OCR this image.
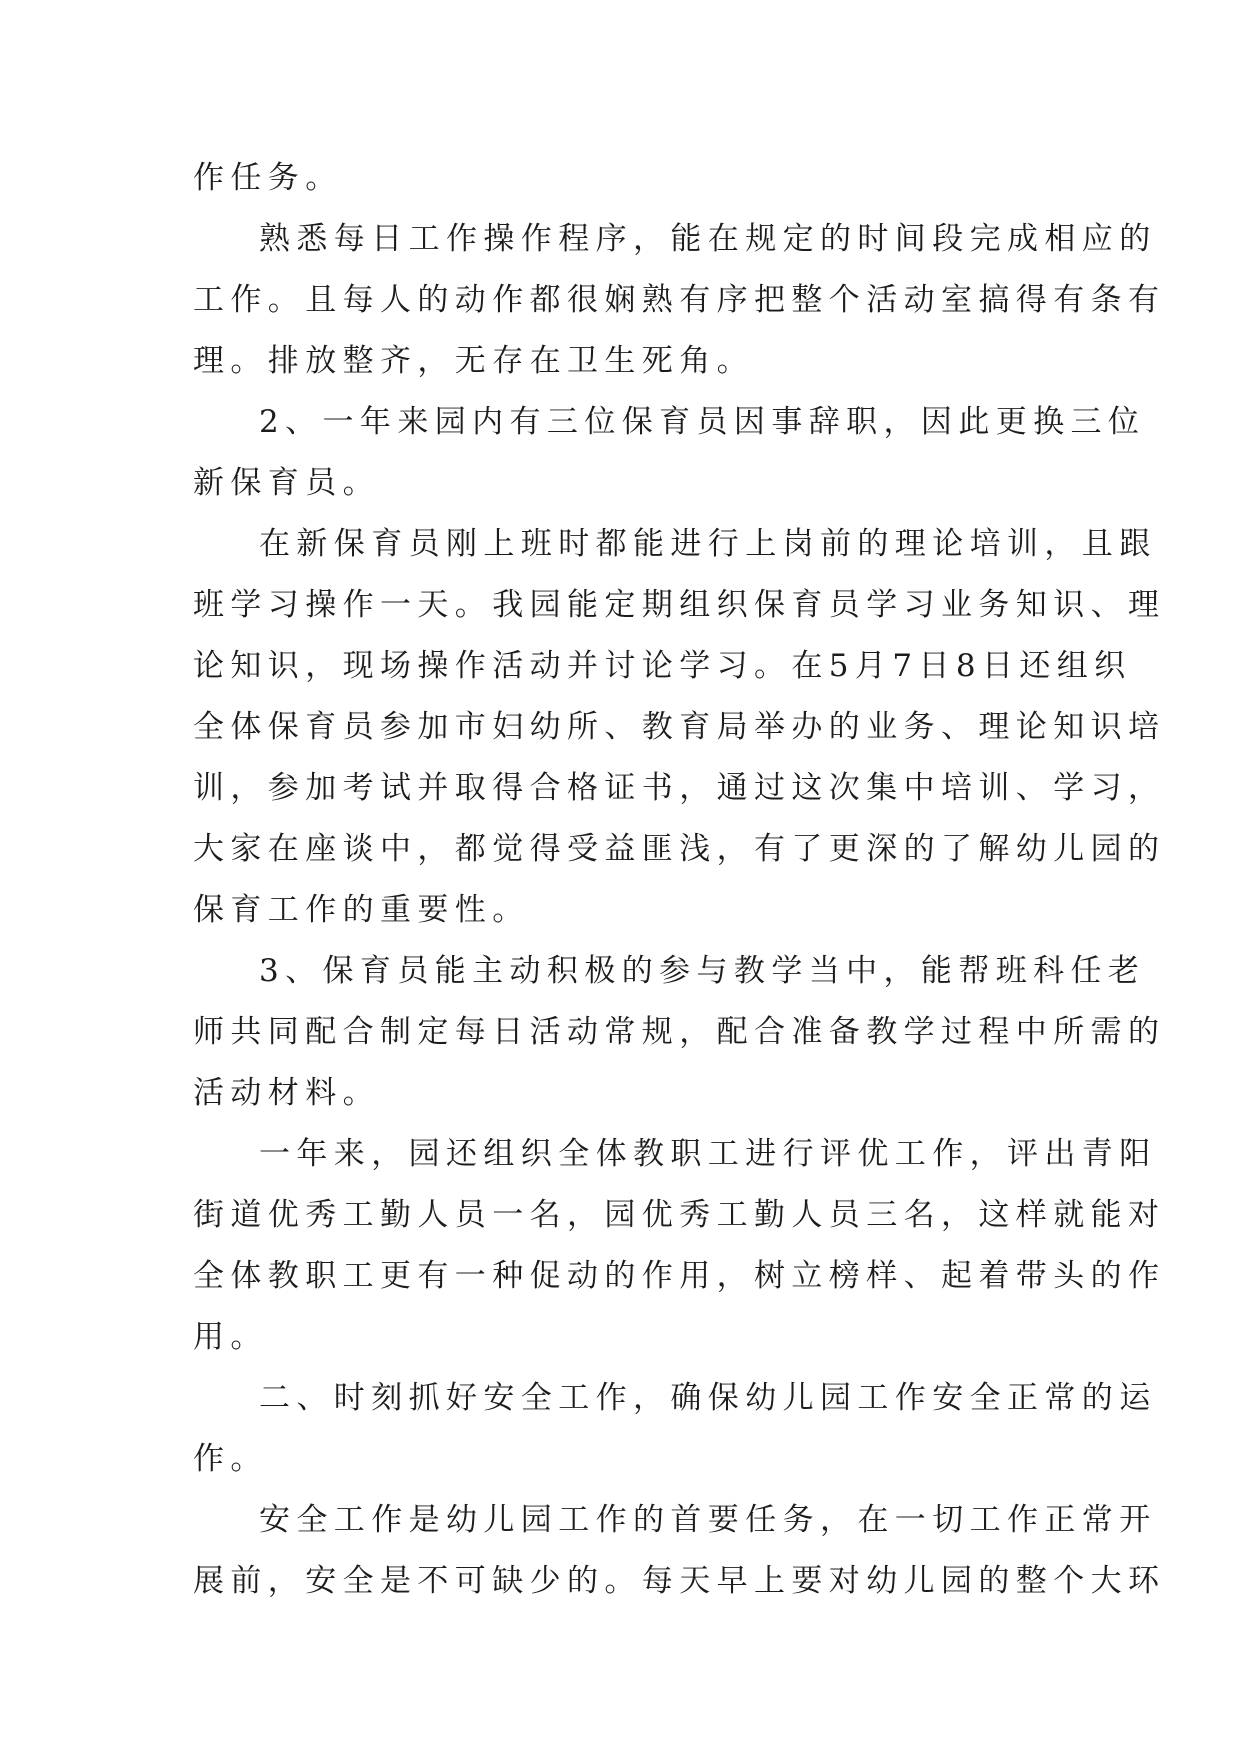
作任务。
熟悉每日工作操作程序，能在规定的时间段完成相应的
工作。且每人的动作都很娴熟有序把整个活动室搞得有条有
理。排放整齐，无存在卫生死角。
2、一年来园内有三位保育员因事辞职，因此更换三位
新保育员。
在新保育员刚上班时都能进行上岗前的理论培训，且跟
班学习操作一天。我园能定期组织保育员学习业务知识、理
论知识，现场操作活动并讨论学习。在5月7日8日还组织
全体保育员参加市妇幼所、教育局举办的业务、理论知识培
训，参加考试并取得合格证书，通过这次集中培训、学习，
大家在座谈中，都觉得受益匪浅，有了更深的了解幼儿园的
保育工作的重要性。
3、保育员能主动积极的参与教学当中，能帮班科任老
师共同配合制定每日活动常规，配合准备教学过程中所需的
活动材料。
一年来，园还组织全体教职工进行评优工作，评出青阳
街道优秀工勤人员一名，园优秀工勤人员三名，这样就能对
全体教职工更有一种促动的作用，树立榜样、起着带头的作
用。
二、时刻抓好安全工作，确保幼儿园工作安全正常的运
作。
安全工作是幼儿园工作的首要任务，在一切工作正常开
展前，安全是不可缺少的。每天早上要对幼儿园的整个大环
